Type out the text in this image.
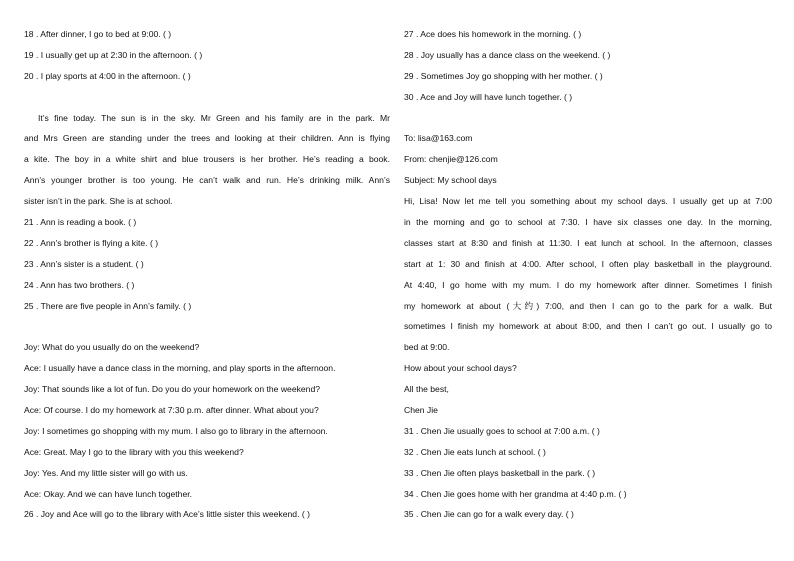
18 . After dinner, I go to bed at 9:00. ( )
19 . I usually get up at 2:30 in the afternoon. ( )
20 . I play sports at 4:00 in the afternoon. ( )
It’s fine today. The sun is in the sky. Mr Green and his family are in the park. Mr
and Mrs Green are standing under the trees and looking at their children. Ann is flying
a kite. The boy in a white shirt and blue trousers is her brother. He’s reading a book.
Ann’s younger brother is too young. He can’t walk and run. He’s drinking milk. Ann’s
sister isn’t in the park. She is at school.
21 . Ann is reading a book. ( )
22 . Ann’s brother is flying a kite. ( )
23 . Ann’s sister is a student. ( )
24 . Ann has two brothers. ( )
25 . There are five people in Ann’s family. ( )
Joy: What do you usually do on the weekend?
Ace: I usually have a dance class in the morning, and play sports in the afternoon.
Joy: That sounds like a lot of fun. Do you do your homework on the weekend?
Ace: Of course. I do my homework at 7:30 p.m. after dinner. What about you?
Joy: I sometimes go shopping with my mum. I also go to library in the afternoon.
Ace: Great. May I go to the library with you this weekend?
Joy: Yes. And my little sister will go with us.
Ace: Okay. And we can have lunch together.
26 . Joy and Ace will go to the library with Ace’s little sister this weekend. ( )
27 . Ace does his homework in the morning. ( )
28 . Joy usually has a dance class on the weekend. ( )
29 . Sometimes Joy go shopping with her mother. ( )
30 . Ace and Joy will have lunch together. ( )
To: lisa@163.com
From: chenjie@126.com
Subject: My school days
Hi, Lisa! Now let me tell you something about my school days. I usually get up at 7:00
in the morning and go to school at 7:30. I have six classes one day. In the morning,
classes start at 8:30 and finish at 11:30. I eat lunch at school. In the afternoon, classes
start at 1: 30 and finish at 4:00. After school, I often play basketball in the playground.
At 4:40, I go home with my mum. I do my homework after dinner. Sometimes I finish
my homework at about (大约) 7:00, and then I can go to the park for a walk. But
sometimes I finish my homework at about 8:00, and then I can’t go out. I usually go to
bed at 9:00.
How about your school days?
All the best,
Chen Jie
31 . Chen Jie usually goes to school at 7:00 a.m. ( )
32 . Chen Jie eats lunch at school. ( )
33 . Chen Jie often plays basketball in the park. ( )
34 . Chen Jie goes home with her grandma at 4:40 p.m. ( )
35 . Chen Jie can go for a walk every day. ( )
